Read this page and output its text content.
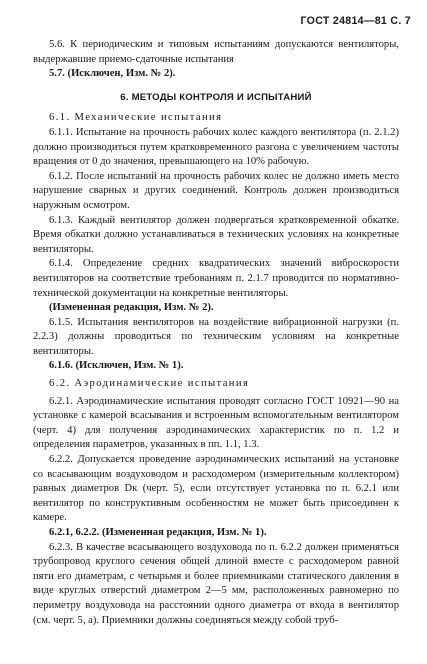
ГОСТ 24814—81 С. 7

5.6. К периодическим и типовым испытаниям допускаются вентиляторы, выдержавшие приемо-сдаточные испытания

5.7. (Исключен, Изм. № 2).

6. МЕТОДЫ КОНТРОЛЯ И ИСПЫТАНИЙ

6.1. Механические испытания

6.1.1. Испытание на прочность рабочих колес каждого вентилятора (п. 2.1.2) должно производиться путем кратковременного разгона с увеличением частоты вращения от 0 до значения, превышающего на 10% рабочую.

6.1.2. После испытаний на прочность рабочих колес не должно иметь место нарушение сварных и других соединений. Контроль должен производиться наружным осмотром.

6.1.3. Каждый вентилятор должен подвергаться кратковременной обкатке. Время обкатки должно устанавливаться в технических условиях на конкретные вентиляторы.

6.1.4. Определение средних квадратических значений виброскорости вентиляторов на соответствие требованиям п. 2.1.7 проводится по нормативно-технической документации на конкретные вентиляторы.

(Измененная редакция, Изм. № 2).

6.1.5. Испытания вентиляторов на воздействие вибрационной нагрузки (п. 2.2.3) должны проводиться по техническим условиям на конкретные вентиляторы.

6.1.6. (Исключен, Изм. № 1).

6.2. Аэродинамические испытания

6.2.1. Аэродинамические испытания проводят согласно ГОСТ 10921—90 на установке с камерой всасывания и встроенным вспомогательным вентилятором (черт. 4) для получения аэродинамических характеристик по п. 1.2 и определения параметров, указанных в пп. 1.1, 1.3.

6.2.2. Допускается проведение аэродинамических испытаний на установке со всасывающим воздуховодом и расходомером (измерительным коллектором) равных диаметров Dк (черт. 5), если отсутствует установка по п. 6.2.1 или вентилятор по конструктивным особенностям не может быть присоединен к камере.

6.2.1, 6.2.2. (Измененная редакция, Изм. № 1).

6.2.3. В качестве всасывающего воздуховода по п. 6.2.2 должен применяться трубопровод круглого сечения общей длиной вместе с расходомером равной пяти его диаметрам, с четырьмя и более приемниками статического давления в виде круглых отверстий диаметром 2—5 мм, расположенных равномерно по периметру воздуховода на расстоянии одного диаметра от входа в вентилятор (см. черт. 5, а). Приемники должны соединяться между собой труб-
